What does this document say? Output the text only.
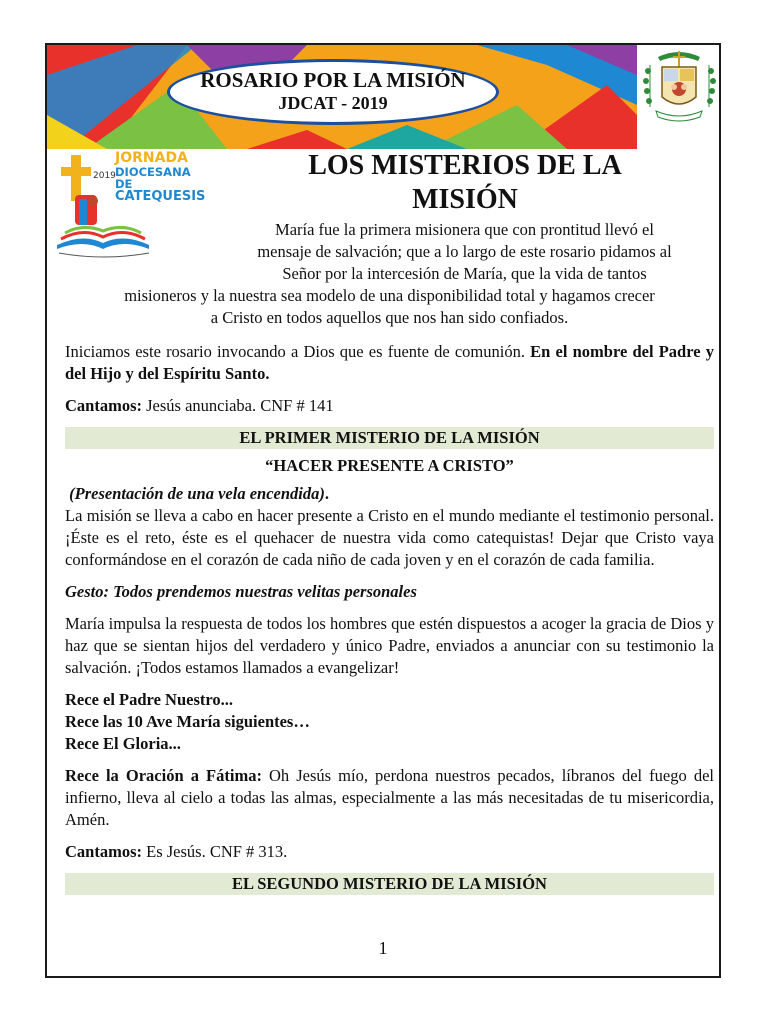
ROSARIO POR LA MISIÓN
JDCAT - 2019
JORNADA
DIOCESANA DE
CATEQUESIS
2019	LOS MISTERIOS DE LA
MISIÓN
María fue la primera misionera que con prontitud llevó el
mensaje de salvación; que a lo largo de este rosario pidamos al
Señor por la intercesión de María, que la vida de tantos
misioneros y la nuestra sea modelo de una disponibilidad total y hagamos crecer
a Cristo en todos aquellos que nos han sido confiados.

Iniciamos este rosario invocando a Dios que es fuente de comunión. En el nombre del Padre y del Hijo y del Espíritu Santo.

Cantamos: Jesús anunciaba. CNF # 141

EL PRIMER MISTERIO DE LA MISIÓN

“HACER PRESENTE A CRISTO”

(Presentación de una vela encendida).

La misión se lleva a cabo en hacer presente a Cristo en el mundo mediante el testimonio personal. ¡Éste es el reto, éste es el quehacer de nuestra vida como catequistas! Dejar que Cristo vaya conformándose en el corazón de cada niño de cada joven y en el corazón de cada familia.

Gesto: Todos prendemos nuestras velitas personales

María impulsa la respuesta de todos los hombres que estén dispuestos a acoger la gracia de Dios y haz que se sientan hijos del verdadero y único Padre, enviados a anunciar con su testimonio la salvación. ¡Todos estamos llamados a evangelizar!

Rece el Padre Nuestro...
Rece las 10 Ave María siguientes…
Rece El Gloria...

Rece la Oración a Fátima: Oh Jesús mío, perdona nuestros pecados, líbranos del fuego del infierno, lleva al cielo a todas las almas, especialmente a las más necesitadas de tu misericordia, Amén.

Cantamos: Es Jesús. CNF # 313.

EL SEGUNDO MISTERIO DE LA MISIÓN
1
